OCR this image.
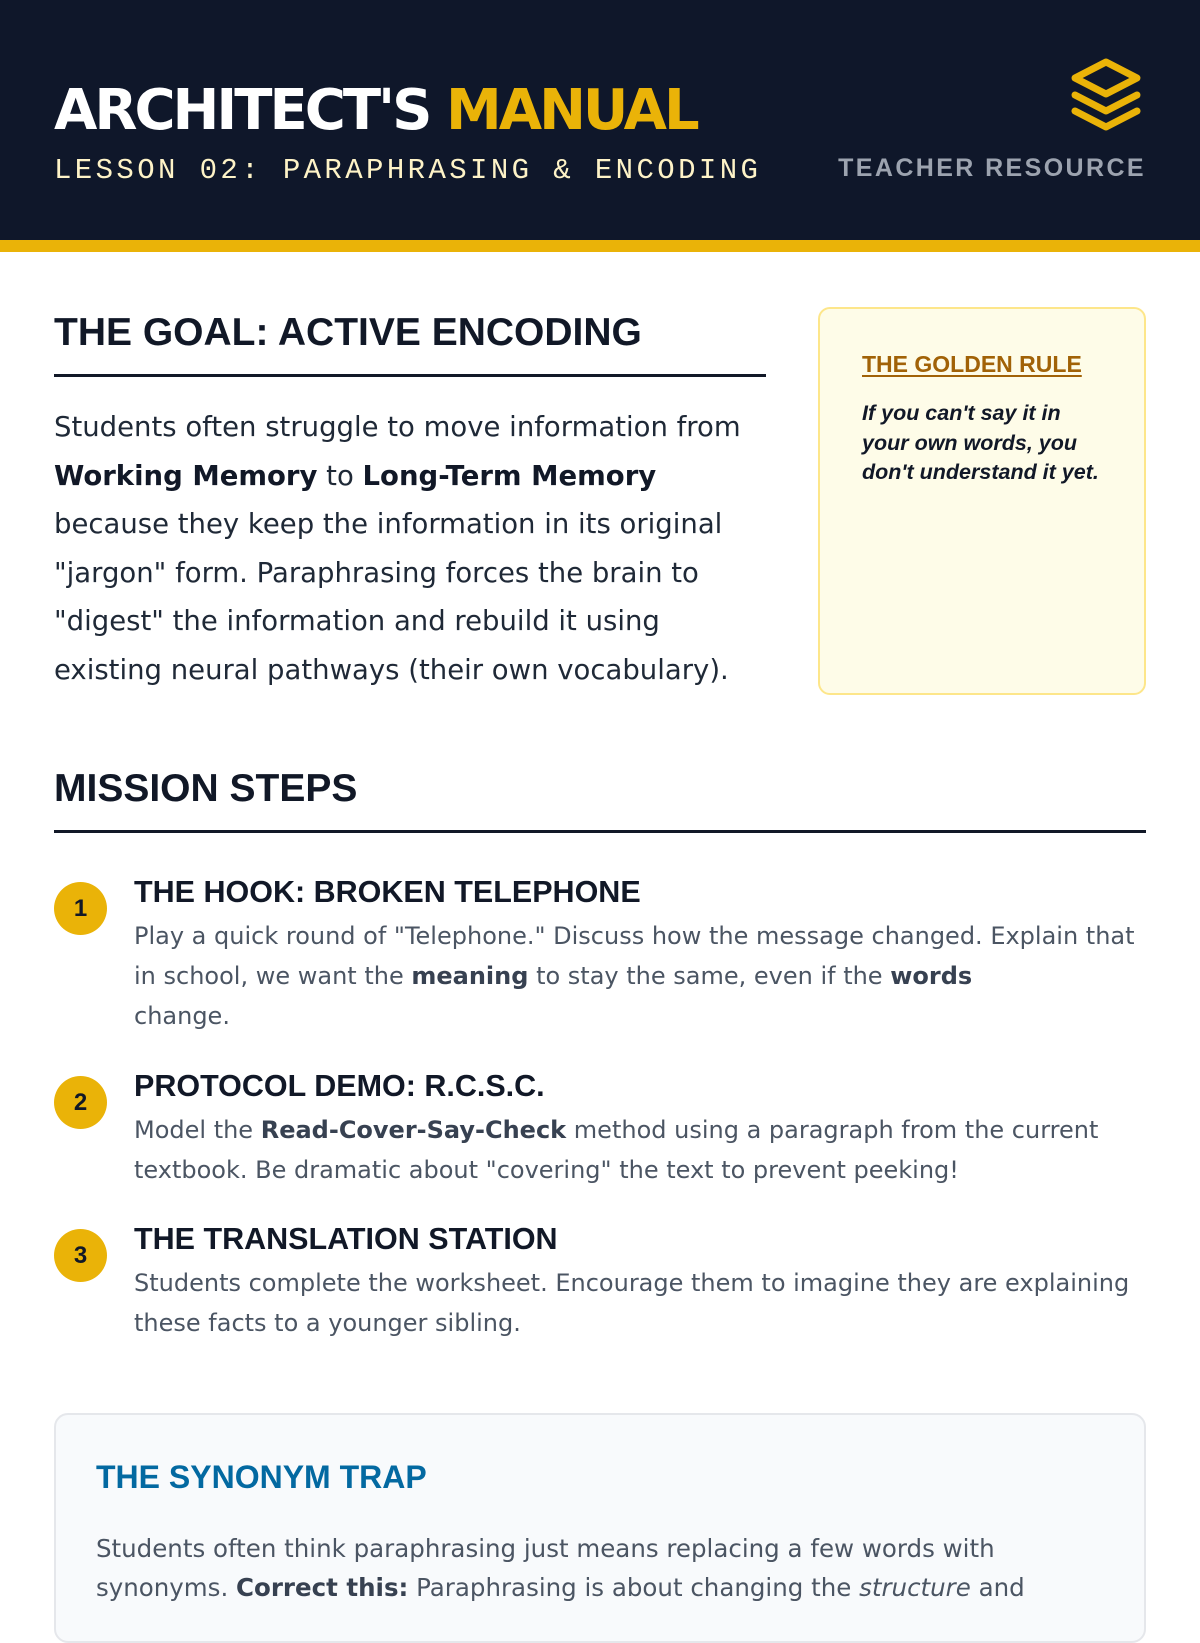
ARCHITECT'S MANUAL
LESSON 02: PARAPHRASING & ENCODING	TEACHER RESOURCE
THE GOAL: ACTIVE ENCODING

Students often struggle to move information from
Working Memory to Long-Term Memory
because they keep the information in its original "jargon" form. Paraphrasing forces the brain to "digest" the information and rebuild it using existing neural pathways (their own vocabulary).

THE GOLDEN RULE

If you can't say it in your own words, you don't understand it yet.

MISSION STEPS
1	THE HOOK: BROKEN TELEPHONE

Play a quick round of "Telephone." Discuss how the message changed. Explain that in school, we want the meaning to stay the same, even if the words
change.

2	PROTOCOL DEMO: R.C.S.C.

Model the Read-Cover-Say-Check method using a paragraph from the current textbook. Be dramatic about "covering" the text to prevent peeking!

3	THE TRANSLATION STATION

Students complete the worksheet. Encourage them to imagine they are explaining these facts to a younger sibling.

THE SYNONYM TRAP

Students often think paraphrasing just means replacing a few words with synonyms. Correct this: Paraphrasing is about changing the structure and
